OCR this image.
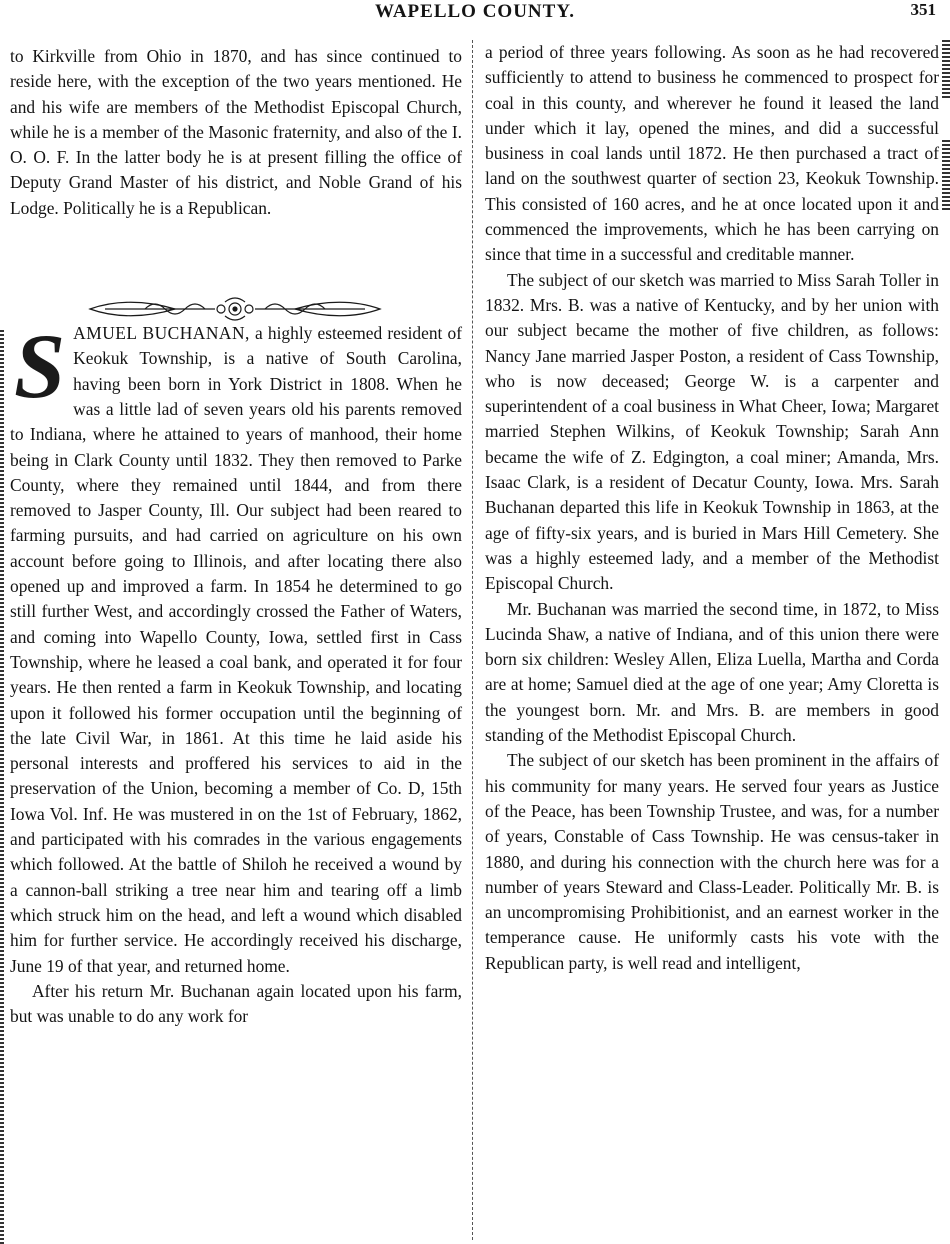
WAPELLO COUNTY.	351

to Kirkville from Ohio in 1870, and has since continued to reside here, with the exception of the two years mentioned. He and his wife are members of the Methodist Episcopal Church, while he is a member of the Masonic fraternity, and also of the I. O. O. F. In the latter body he is at present filling the office of Deputy Grand Master of his district, and Noble Grand of his Lodge. Politically he is a Republican.

SAMUEL BUCHANAN, a highly esteemed resident of Keokuk Township, is a native of South Carolina, having been born in York District in 1808. When he was a little lad of seven years old his parents removed to Indiana, where he attained to years of manhood, their home being in Clark County until 1832. They then removed to Parke County, where they remained until 1844, and from there removed to Jasper County, Ill. Our subject had been reared to farming pursuits, and had carried on agriculture on his own account before going to Illinois, and after locating there also opened up and improved a farm. In 1854 he determined to go still further West, and accordingly crossed the Father of Waters, and coming into Wapello County, Iowa, settled first in Cass Township, where he leased a coal bank, and operated it for four years. He then rented a farm in Keokuk Township, and locating upon it followed his former occupation until the beginning of the late Civil War, in 1861. At this time he laid aside his personal interests and proffered his services to aid in the preservation of the Union, becoming a member of Co. D, 15th Iowa Vol. Inf. He was mustered in on the 1st of February, 1862, and participated with his comrades in the various engagements which followed. At the battle of Shiloh he received a wound by a cannon-ball striking a tree near him and tearing off a limb which struck him on the head, and left a wound which disabled him for further service. He accordingly received his discharge, June 19 of that year, and returned home.

After his return Mr. Buchanan again located upon his farm, but was unable to do any work for

a period of three years following. As soon as he had recovered sufficiently to attend to business he commenced to prospect for coal in this county, and wherever he found it leased the land under which it lay, opened the mines, and did a successful business in coal lands until 1872. He then purchased a tract of land on the southwest quarter of section 23, Keokuk Township. This consisted of 160 acres, and he at once located upon it and commenced the improvements, which he has been carrying on since that time in a successful and creditable manner.

The subject of our sketch was married to Miss Sarah Toller in 1832. Mrs. B. was a native of Kentucky, and by her union with our subject became the mother of five children, as follows: Nancy Jane married Jasper Poston, a resident of Cass Township, who is now deceased; George W. is a carpenter and superintendent of a coal business in What Cheer, Iowa; Margaret married Stephen Wilkins, of Keokuk Township; Sarah Ann became the wife of Z. Edgington, a coal miner; Amanda, Mrs. Isaac Clark, is a resident of Decatur County, Iowa. Mrs. Sarah Buchanan departed this life in Keokuk Township in 1863, at the age of fifty-six years, and is buried in Mars Hill Cemetery. She was a highly esteemed lady, and a member of the Methodist Episcopal Church.

Mr. Buchanan was married the second time, in 1872, to Miss Lucinda Shaw, a native of Indiana, and of this union there were born six children: Wesley Allen, Eliza Luella, Martha and Corda are at home; Samuel died at the age of one year; Amy Cloretta is the youngest born. Mr. and Mrs. B. are members in good standing of the Methodist Episcopal Church.

The subject of our sketch has been prominent in the affairs of his community for many years. He served four years as Justice of the Peace, has been Township Trustee, and was, for a number of years, Constable of Cass Township. He was census-taker in 1880, and during his connection with the church here was for a number of years Steward and Class-Leader. Politically Mr. B. is an uncompromising Prohibitionist, and an earnest worker in the temperance cause. He uniformly casts his vote with the Republican party, is well read and intelligent,
